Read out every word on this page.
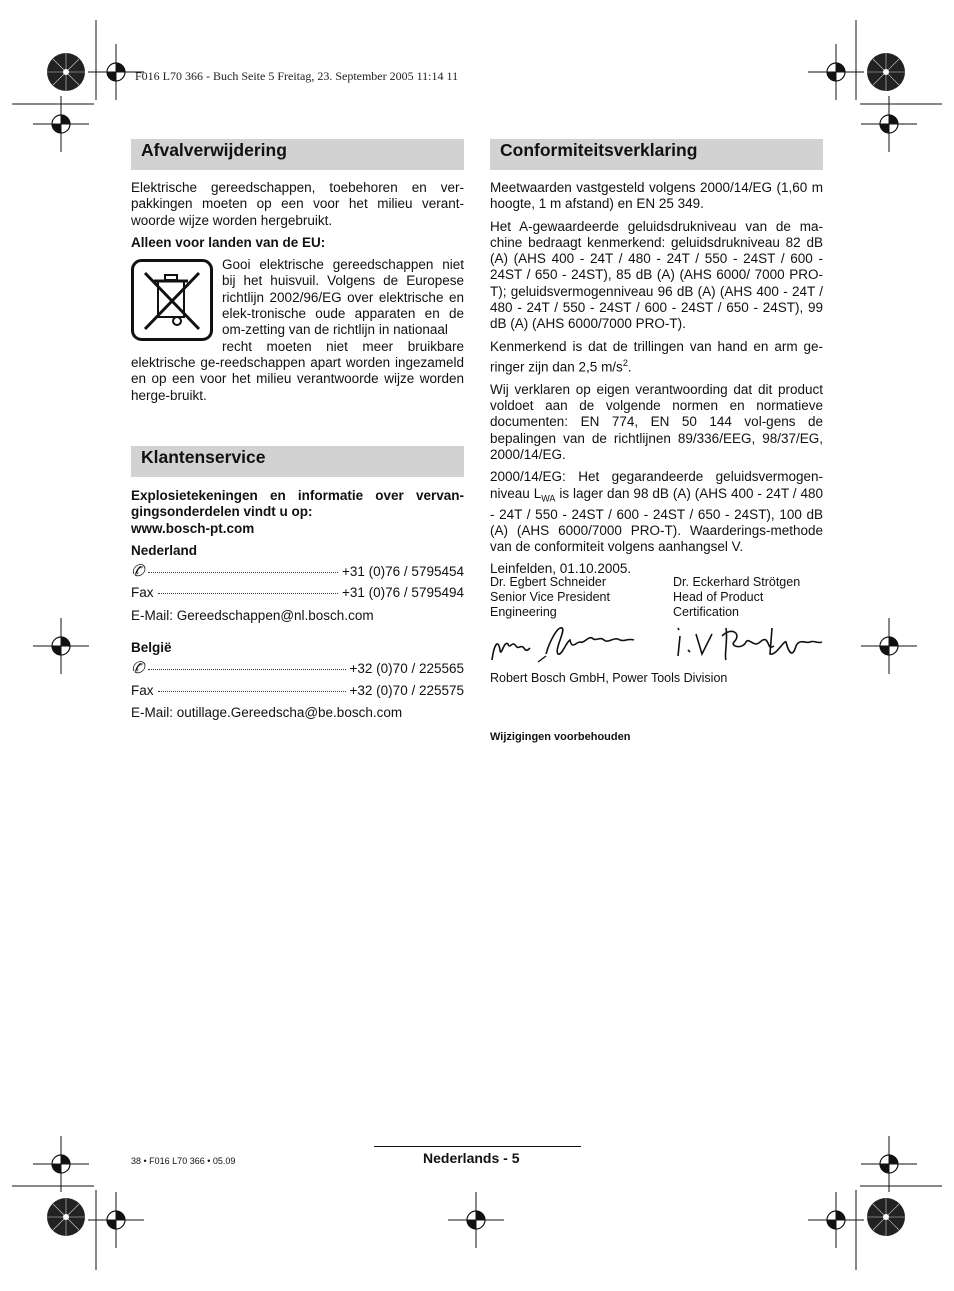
F016 L70 366 - Buch Seite 5 Freitag, 23. September 2005 11:14 11
Afvalverwijdering

Elektrische gereedschappen, toebehoren en ver-pakkingen moeten op een voor het milieu verant-woorde wijze worden hergebruikt.

Alleen voor landen van de EU:

Gooi elektrische gereedschappen niet bij het huisvuil. Volgens de Europese richtlijn 2002/96/EG over elektrische en elek-tronische oude apparaten en de om-zetting van de richtlijn in nationaal

recht moeten niet meer bruikbare elektrische ge-reedschappen apart worden ingezameld en op een voor het milieu verantwoorde wijze worden herge-bruikt.

Klantenservice

Explosietekeningen en informatie over vervan-gingsonderdelen vindt u op:

www.bosch-pt.com

Nederland

✆	+31 (0)76 / 5795454
Fax	+31 (0)76 / 5795494

E-Mail: Gereedschappen@nl.bosch.com

België

✆	+32 (0)70 / 225565
Fax	+32 (0)70 / 225575

E-Mail: outillage.Gereedscha@be.bosch.com

Conformiteitsverklaring

Meetwaarden vastgesteld volgens 2000/14/EG (1,60 m hoogte, 1 m afstand) en EN 25 349.

Het A-gewaardeerde geluidsdrukniveau van de ma-chine bedraagt kenmerkend: geluidsdrukniveau 82 dB (A) (AHS 400 - 24T / 480 - 24T / 550 - 24ST / 600 - 24ST / 650 - 24ST), 85 dB (A) (AHS 6000/ 7000 PRO-T); geluidsvermogenniveau 96 dB (A) (AHS 400 - 24T / 480 - 24T / 550 - 24ST / 600 - 24ST / 650 - 24ST), 99 dB (A) (AHS 6000/7000 PRO-T).

Kenmerkend is dat de trillingen van hand en arm ge-ringer zijn dan 2,5 $m/s^2$.

Wij verklaren op eigen verantwoording dat dit product voldoet aan de volgende normen en normatieve documenten: EN 774, EN 50 144 vol-gens de bepalingen van de richtlijnen 89/336/EEG, 98/37/EG, 2000/14/EG.

2000/14/EG: Het gegarandeerde geluidsvermogen-niveau $L_{WA}$ is lager dan 98 dB (A) (AHS 400 - 24T / 480 - 24T / 550 - 24ST / 600 - 24ST / 650 - 24ST), 100 dB (A) (AHS 6000/7000 PRO-T). Waarderings-methode van de conformiteit volgens aanhangsel V.

Leinfelden, 01.10.2005.

Dr. Egbert Schneider
Senior Vice President
Engineering
Dr. Eckerhard Strötgen
Head of Product
Certification
Robert Bosch GmbH, Power Tools Division
Wijzigingen voorbehouden
Nederlands - 5
38 • F016 L70 366 • 05.09
